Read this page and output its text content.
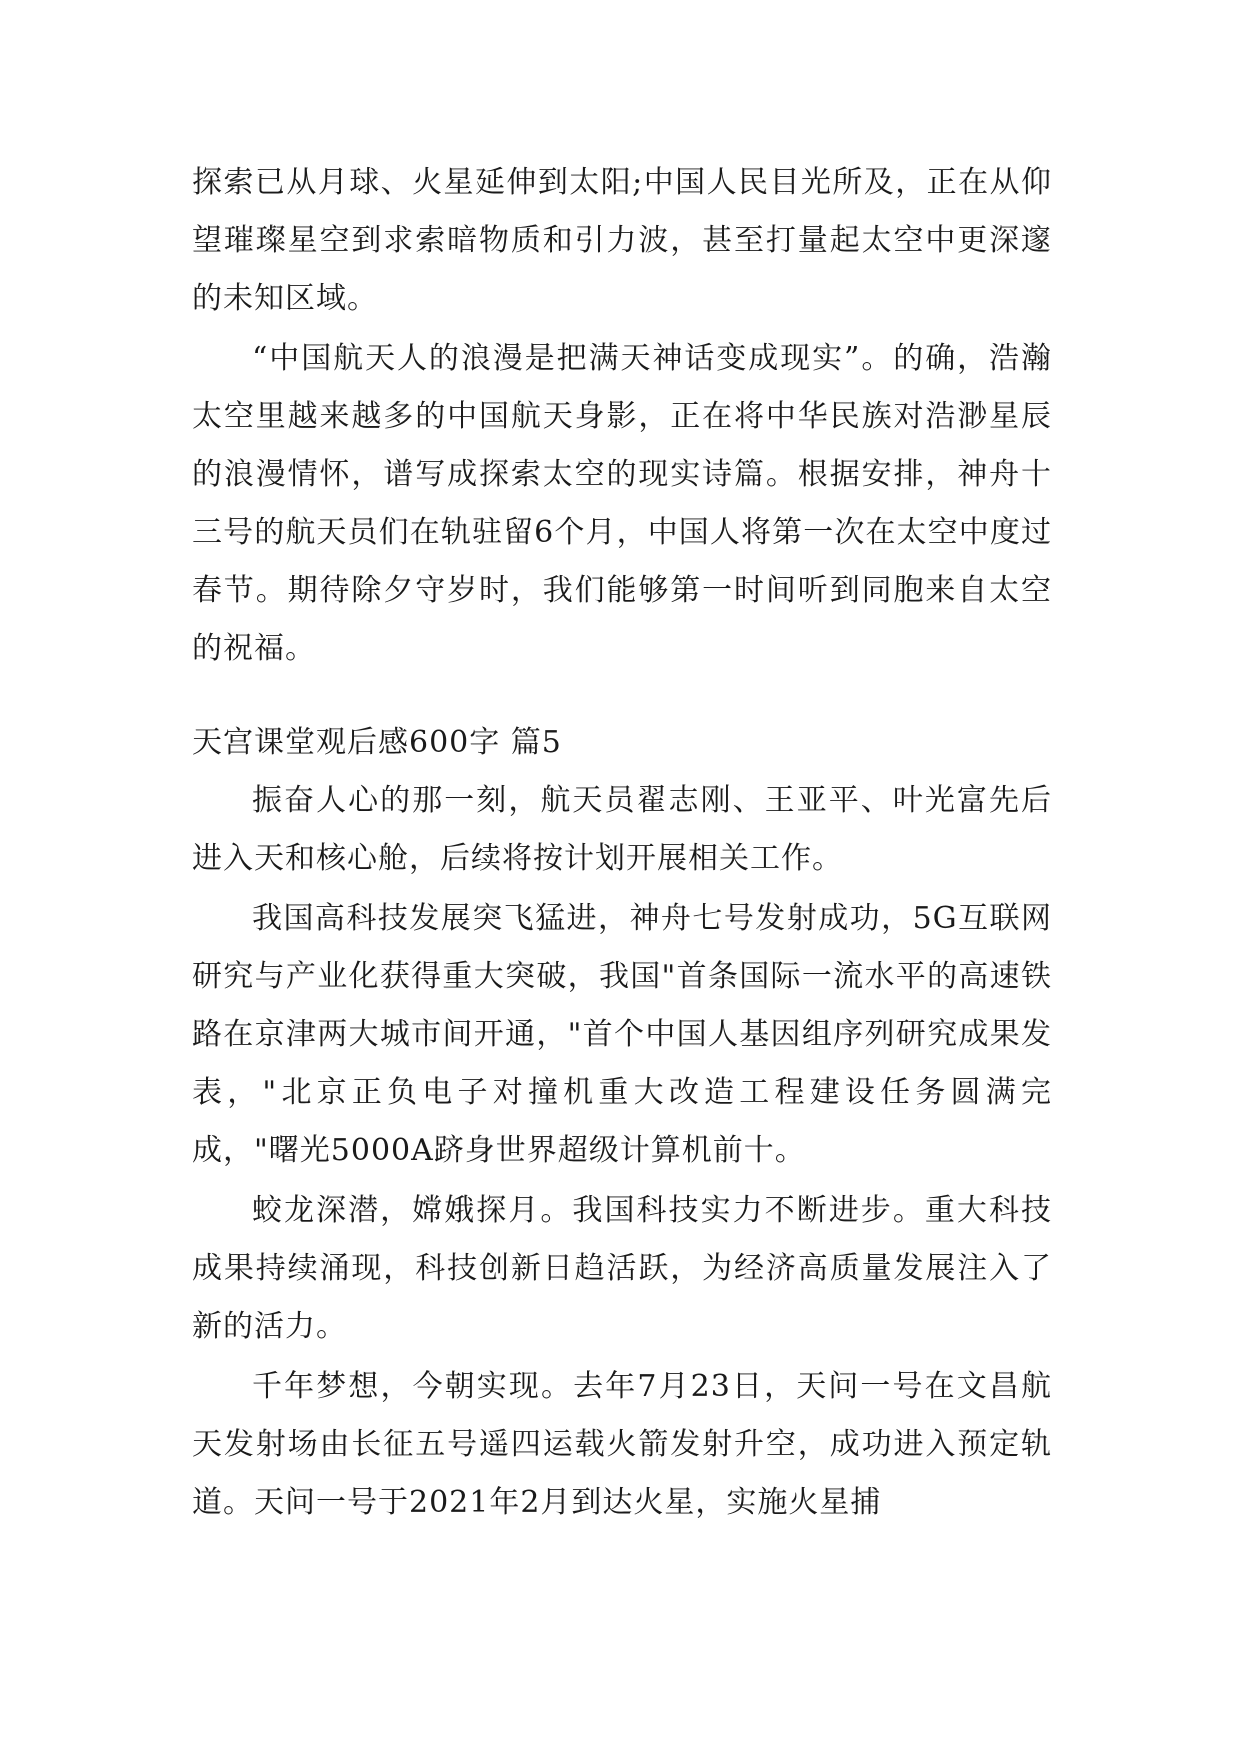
探索已从月球、火星延伸到太阳;中国人民目光所及，正在从仰望璀璨星空到求索暗物质和引力波，甚至打量起太空中更深邃的未知区域。

“中国航天人的浪漫是把满天神话变成现实”。的确，浩瀚太空里越来越多的中国航天身影，正在将中华民族对浩渺星辰的浪漫情怀，谱写成探索太空的现实诗篇。根据安排，神舟十三号的航天员们在轨驻留6个月，中国人将第一次在太空中度过春节。期待除夕守岁时，我们能够第一时间听到同胞来自太空的祝福。

天宫课堂观后感600字 篇5

振奋人心的那一刻，航天员翟志刚、王亚平、叶光富先后进入天和核心舱，后续将按计划开展相关工作。

我国高科技发展突飞猛进，神舟七号发射成功，5G互联网研究与产业化获得重大突破，我国"首条国际一流水平的高速铁路在京津两大城市间开通，"首个中国人基因组序列研究成果发表，"北京正负电子对撞机重大改造工程建设任务圆满完成，"曙光5000A跻身世界超级计算机前十。

蛟龙深潜，嫦娥探月。我国科技实力不断进步。重大科技成果持续涌现，科技创新日趋活跃，为经济高质量发展注入了新的活力。

千年梦想，今朝实现。去年7月23日，天问一号在文昌航天发射场由长征五号遥四运载火箭发射升空，成功进入预定轨道。天问一号于2021年2月到达火星，实施火星捕
